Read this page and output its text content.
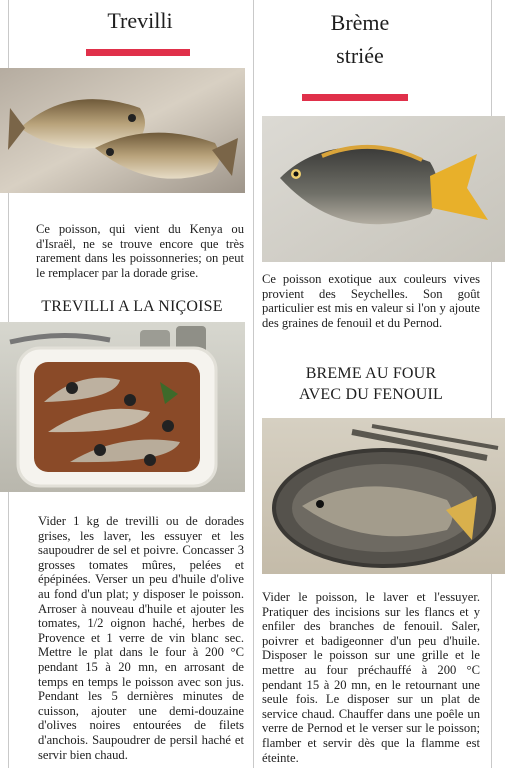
Trevilli
Ce poisson, qui vient du Kenya ou d'Israël, ne se trouve encore que très rarement dans les poissonneries; on peut le remplacer par la dorade grise.
TREVILLI A LA NIÇOISE
Vider 1 kg de trevilli ou de dorades grises, les laver, les essuyer et les saupoudrer de sel et poivre. Concasser 3 grosses tomates mûres, pelées et épépinées. Verser un peu d'huile d'olive au fond d'un plat; y disposer le poisson. Arroser à nouveau d'huile et ajouter les tomates, 1/2 oignon haché, herbes de Provence et 1 verre de vin blanc sec. Mettre le plat dans le four à 200 °C pendant 15 à 20 mn, en arrosant de temps en temps le poisson avec son jus. Pendant les 5 dernières minutes de cuisson, ajouter une demi-douzaine d'olives noires entourées de filets d'anchois. Saupoudrer de persil haché et servir bien chaud.
Brème
striée
Ce poisson exotique aux couleurs vives provient des Seychelles. Son goût particulier est mis en valeur si l'on y ajoute des graines de fenouil et du Pernod.
BREME AU FOUR
AVEC DU FENOUIL
Vider le poisson, le laver et l'essuyer. Pratiquer des incisions sur les flancs et y enfiler des branches de fenouil. Saler, poivrer et badigeonner d'un peu d'huile. Disposer le poisson sur une grille et le mettre au four préchauffé à 200 °C pendant 15 à 20 mn, en le retournant une seule fois. Le disposer sur un plat de service chaud. Chauffer dans une poêle un verre de Pernod et le verser sur le poisson; flamber et servir dès que la flamme est éteinte.
